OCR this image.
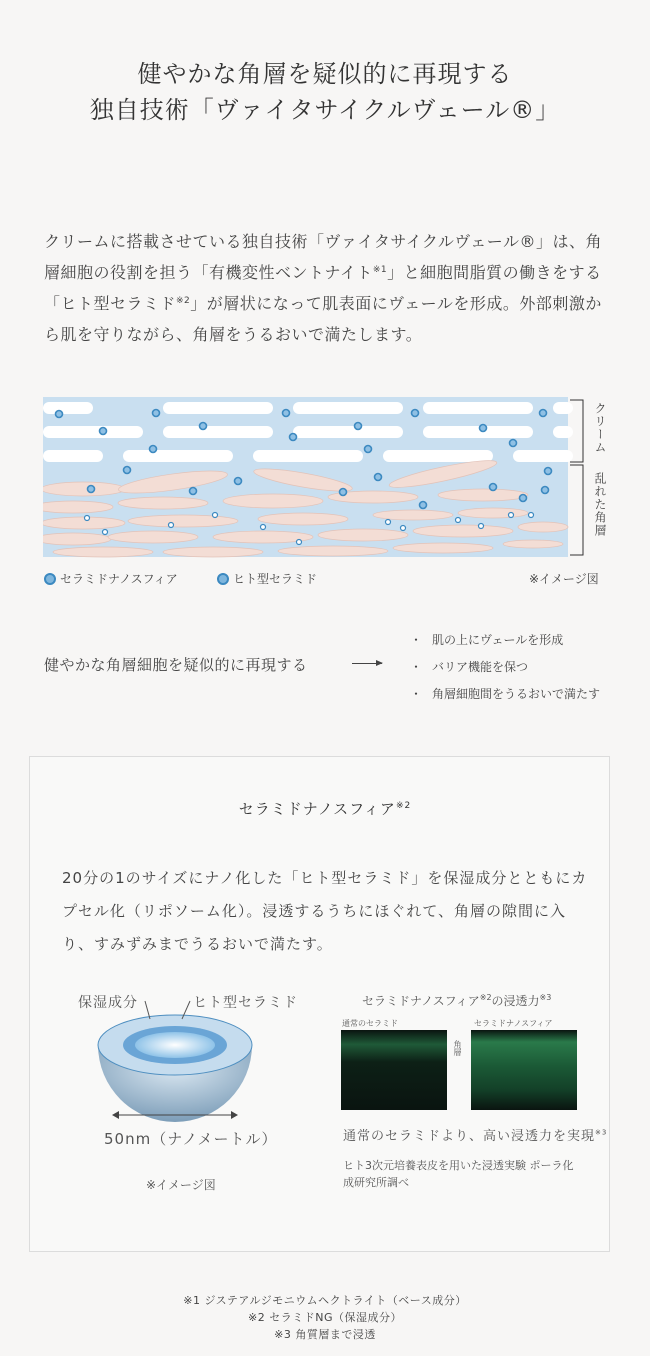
健やかな角層を疑似的に再現する
独自技術「ヴァイタサイクルヴェール®」
クリームに搭載させている独自技術「ヴァイタサイクルヴェール®」は、角層細胞の役割を担う「有機変性ベントナイト$^{※1}$」と細胞間脂質の働きをする「ヒト型セラミド$^{※2}$」が層状になって肌表面にヴェールを形成。外部刺激から肌を守りながら、角層をうるおいで満たします。
クリーム
乱れた角層
セラミドナノスフィア	ヒト型セラミド	※イメージ図
健やかな角層細胞を疑似的に再現する
・ 肌の上にヴェールを形成
・ バリア機能を保つ
・ 角層細胞間をうるおいで満たす
セラミドナノスフィア$^{※2}$
20分の1のサイズにナノ化した「ヒト型セラミド」を保湿成分とともにカプセル化（リポソーム化）。浸透するうちにほぐれて、角層の隙間に入り、すみずみまでうるおいで満たす。
保湿成分	ヒト型セラミド
50nm（ナノメートル）
※イメージ図
セラミドナノスフィア$^{※2}$の浸透力$^{※3}$
通常のセラミド	セラミドナノスフィア
角層
通常のセラミドより、高い浸透力を実現$^{※3}$
ヒト3次元培養表皮を用いた浸透実験 ポーラ化成研究所調べ
※1 ジステアルジモニウムヘクトライト（ベース成分）
※2 セラミドNG（保湿成分）
※3 角質層まで浸透
